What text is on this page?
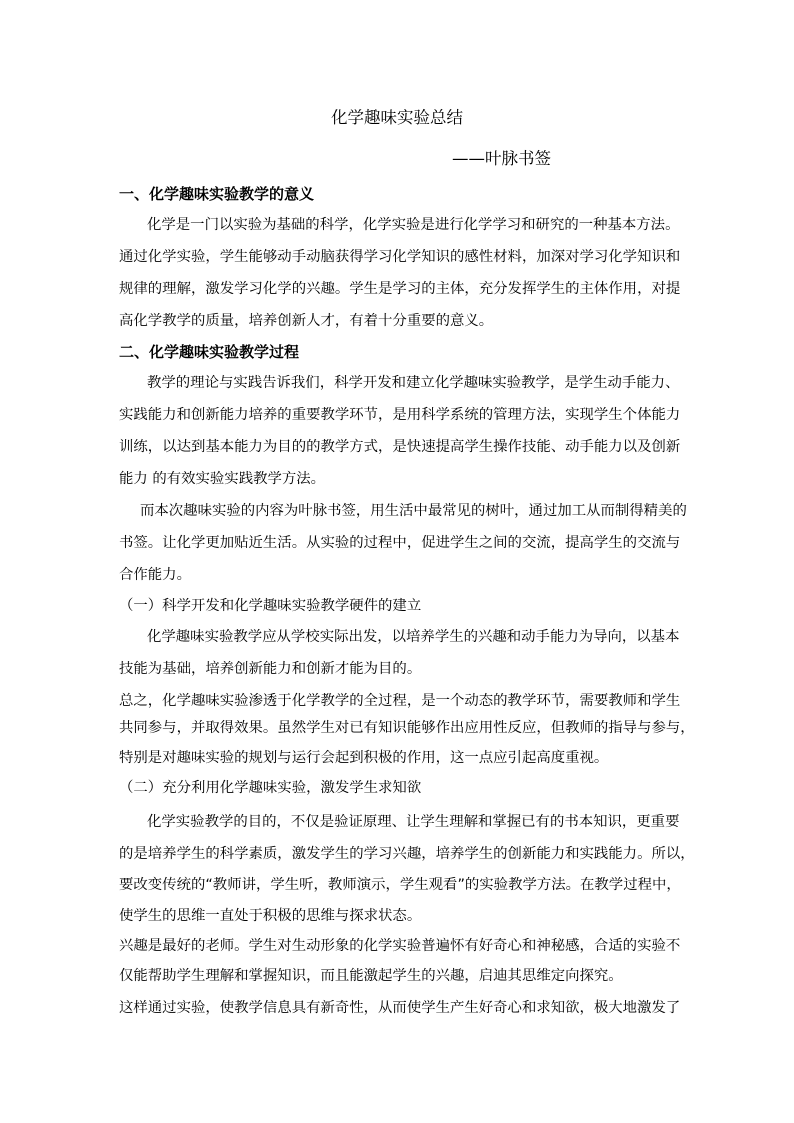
化学趣味实验总结
——叶脉书签
一、化学趣味实验教学的意义
化学是一门以实验为基础的科学，化学实验是进行化学学习和研究的一种基本方法。
通过化学实验，学生能够动手动脑获得学习化学知识的感性材料，加深对学习化学知识和
规律的理解，激发学习化学的兴趣。学生是学习的主体，充分发挥学生的主体作用，对提
高化学教学的质量，培养创新人才，有着十分重要的意义。
二、化学趣味实验教学过程
教学的理论与实践告诉我们，科学开发和建立化学趣味实验教学，是学生动手能力、
实践能力和创新能力培养的重要教学环节，是用科学系统的管理方法，实现学生个体能力
训练，以达到基本能力为目的的教学方式，是快速提高学生操作技能、动手能力以及创新
能力 的有效实验实践教学方法。
而本次趣味实验的内容为叶脉书签，用生活中最常见的树叶，通过加工从而制得精美的
书签。让化学更加贴近生活。从实验的过程中，促进学生之间的交流，提高学生的交流与
合作能力。
（一）科学开发和化学趣味实验教学硬件的建立
化学趣味实验教学应从学校实际出发，以培养学生的兴趣和动手能力为导向，以基本
技能为基础，培养创新能力和创新才能为目的。
总之，化学趣味实验渗透于化学教学的全过程，是一个动态的教学环节，需要教师和学生
共同参与，并取得效果。虽然学生对已有知识能够作出应用性反应，但教师的指导与参与，
特别是对趣味实验的规划与运行会起到积极的作用，这一点应引起高度重视。
（二）充分利用化学趣味实验，激发学生求知欲
化学实验教学的目的，不仅是验证原理、让学生理解和掌握已有的书本知识，更重要
的是培养学生的科学素质，激发学生的学习兴趣，培养学生的创新能力和实践能力。所以，
要改变传统的“教师讲，学生听，教师演示，学生观看”的实验教学方法。在教学过程中，
使学生的思维一直处于积极的思维与探求状态。
兴趣是最好的老师。学生对生动形象的化学实验普遍怀有好奇心和神秘感，合适的实验不
仅能帮助学生理解和掌握知识，而且能激起学生的兴趣，启迪其思维定向探究。
这样通过实验，使教学信息具有新奇性，从而使学生产生好奇心和求知欲，极大地激发了
